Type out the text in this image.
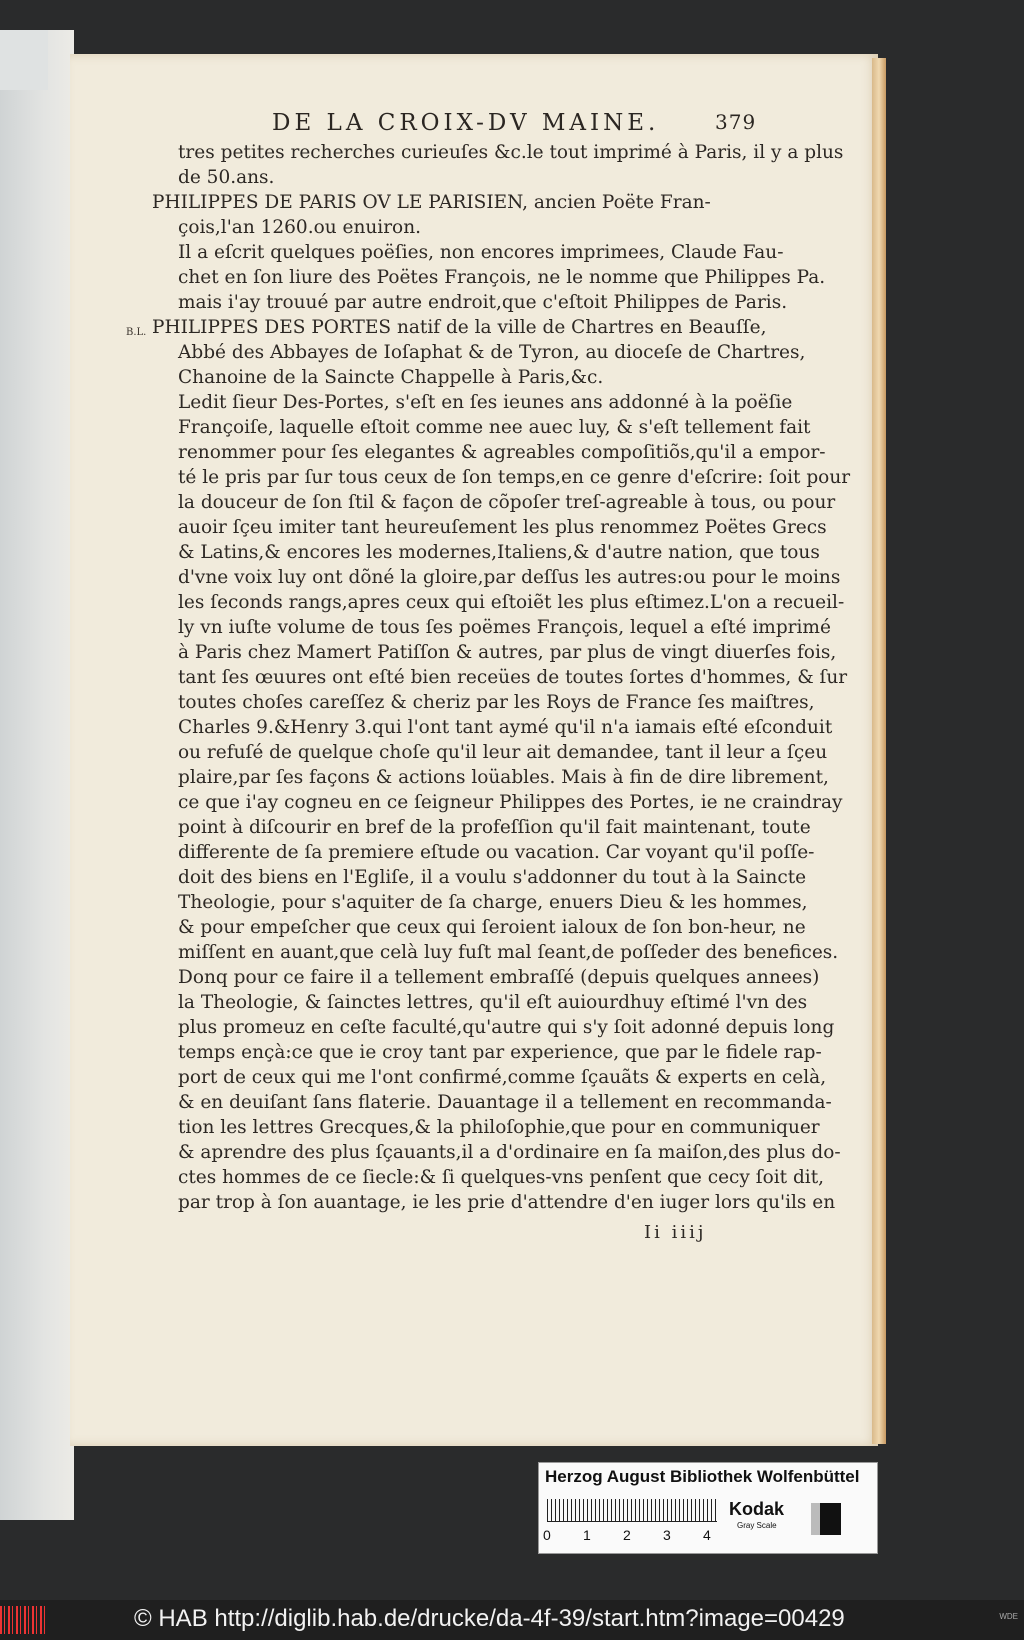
DE LA CROIX-DV MAINE.	379
B.L.
tres petites recherches curieuſes &c.le tout imprimé à Paris, il y a plus
de 50.ans.
PHILIPPES DE PARIS OV LE PARISIEN, ancien Poëte Fran-
çois,l'an 1260.ou enuiron.
Il a eſcrit quelques poëſies, non encores imprimees, Claude Fau-
chet en ſon liure des Poëtes François, ne le nomme que Philippes Pa.
mais i'ay trouué par autre endroit,que c'eſtoit Philippes de Paris.
PHILIPPES DES PORTES natif de la ville de Chartres en Beauſſe,
Abbé des Abbayes de Ioſaphat & de Tyron, au dioceſe de Chartres,
Chanoine de la Saincte Chappelle à Paris,&c.
Ledit ſieur Des-Portes, s'eſt en ſes ieunes ans addonné à la poëſie
Françoiſe, laquelle eſtoit comme nee auec luy, & s'eſt tellement fait
renommer pour ſes elegantes & agreables compoſitiõs,qu'il a empor-
té le pris par ſur tous ceux de ſon temps,en ce genre d'eſcrire: ſoit pour
la douceur de ſon ſtil & façon de cõpoſer treſ-agreable à tous, ou pour
auoir ſçeu imiter tant heureuſement les plus renommez Poëtes Grecs
& Latins,& encores les modernes,Italiens,& d'autre nation, que tous
d'vne voix luy ont dõné la gloire,par deſſus les autres:ou pour le moins
les ſeconds rangs,apres ceux qui eſtoiẽt les plus eſtimez.L'on a recueil-
ly vn iuſte volume de tous ſes poëmes François, lequel a eſté imprimé
à Paris chez Mamert Patiſſon & autres, par plus de vingt diuerſes fois,
tant ſes œuures ont eſté bien receües de toutes ſortes d'hommes, & ſur
toutes choſes careſſez & cheriz par les Roys de France ſes maiſtres,
Charles 9.&Henry 3.qui l'ont tant aymé qu'il n'a iamais eſté eſconduit
ou refuſé de quelque choſe qu'il leur ait demandee, tant il leur a ſçeu
plaire,par ſes façons & actions loüables. Mais à fin de dire librement,
ce que i'ay cogneu en ce ſeigneur Philippes des Portes, ie ne craindray
point à diſcourir en bref de la profeſſion qu'il fait maintenant, toute
differente de ſa premiere eſtude ou vacation. Car voyant qu'il poſſe-
doit des biens en l'Egliſe, il a voulu s'addonner du tout à la Saincte
Theologie, pour s'aquiter de ſa charge, enuers Dieu & les hommes,
& pour empeſcher que ceux qui ſeroient ialoux de ſon bon-heur, ne
miſſent en auant,que celà luy fuſt mal ſeant,de poſſeder des benefices.
Donq pour ce faire il a tellement embraſſé (depuis quelques annees)
la Theologie, & ſainctes lettres, qu'il eſt auiourdhuy eſtimé l'vn des
plus promeuz en ceſte faculté,qu'autre qui s'y ſoit adonné depuis long
temps ençà:ce que ie croy tant par experience, que par le fidele rap-
port de ceux qui me l'ont confirmé,comme ſçauãts & experts en celà,
& en deuiſant ſans flaterie. Dauantage il a tellement en recommanda-
tion les lettres Grecques,& la philoſophie,que pour en communiquer
& aprendre des plus ſçauants,il a d'ordinaire en ſa maiſon,des plus do-
ctes hommes de ce ſiecle:& ſi quelques-vns penſent que cecy ſoit dit,
par trop à ſon auantage, ie les prie d'attendre d'en iuger lors qu'ils en
Ii iiij
Herzog August Bibliothek Wolfenbüttel
0 1 2 3 4
Kodak
Gray Scale
© HAB http://diglib.hab.de/drucke/da-4f-39/start.htm?image=00429	WDE
